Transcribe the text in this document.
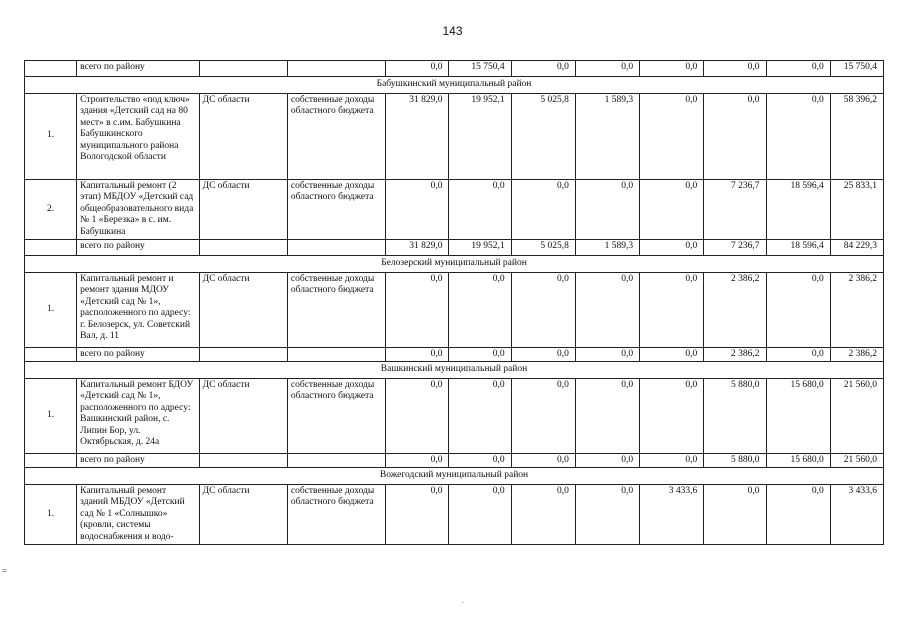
143
	всего по району			0,0	15 750,4	0,0	0,0	0,0	0,0	0,0	15 750,4
Бабушкинский муниципальный район											
1.	Строительство «под ключ» здания «Детский сад на 80 мест» в с.им. Бабушкина Бабушкинского муниципального района Вологодской области	ДС области	собственные доходы областного бюджета	31 829,0	19 952,1	5 025,8	1 589,3	0,0	0,0	0,0	58 396,2
2.	Капитальный ремонт (2 этап) МБДОУ «Детский сад общеобразовательного вида № 1 «Березка» в с. им. Бабушкина	ДС области	собственные доходы областного бюджета	0,0	0,0	0,0	0,0	0,0	7 236,7	18 596,4	25 833,1
	всего по району			31 829,0	19 952,1	5 025,8	1 589,3	0,0	7 236,7	18 596,4	84 229,3
Белозерский муниципальный район											
1.	Капитальный ремонт и ремонт здания МДОУ «Детский сад № 1», расположенного по адресу: г. Белозерск, ул. Советский Вал, д. 11	ДС области	собственные доходы областного бюджета	0,0	0,0	0,0	0,0	0,0	2 386,2	0,0	2 386,2
	всего по району			0,0	0,0	0,0	0,0	0,0	2 386,2	0,0	2 386,2
Вашкинский муниципальный район											
1.	Капитальный ремонт БДОУ «Детский сад № 1», расположенного по адресу: Вашкинский район, с. Липин Бор, ул. Октябрьская, д. 24а	ДС области	собственные доходы областного бюджета	0,0	0,0	0,0	0,0	0,0	5 880,0	15 680,0	21 560,0
	всего по району			0,0	0,0	0,0	0,0	0,0	5 880,0	15 680,0	21 560,0
Вожегодский муниципальный район											
1.	Капитальный ремонт зданий МБДОУ «Детский сад № 1 «Солнышко» (кровли, системы водоснабжения и водо-	ДС области	собственные доходы областного бюджета	0,0	0,0	0,0	0,0	3 433,6	0,0	0,0	3 433,6
=
.
